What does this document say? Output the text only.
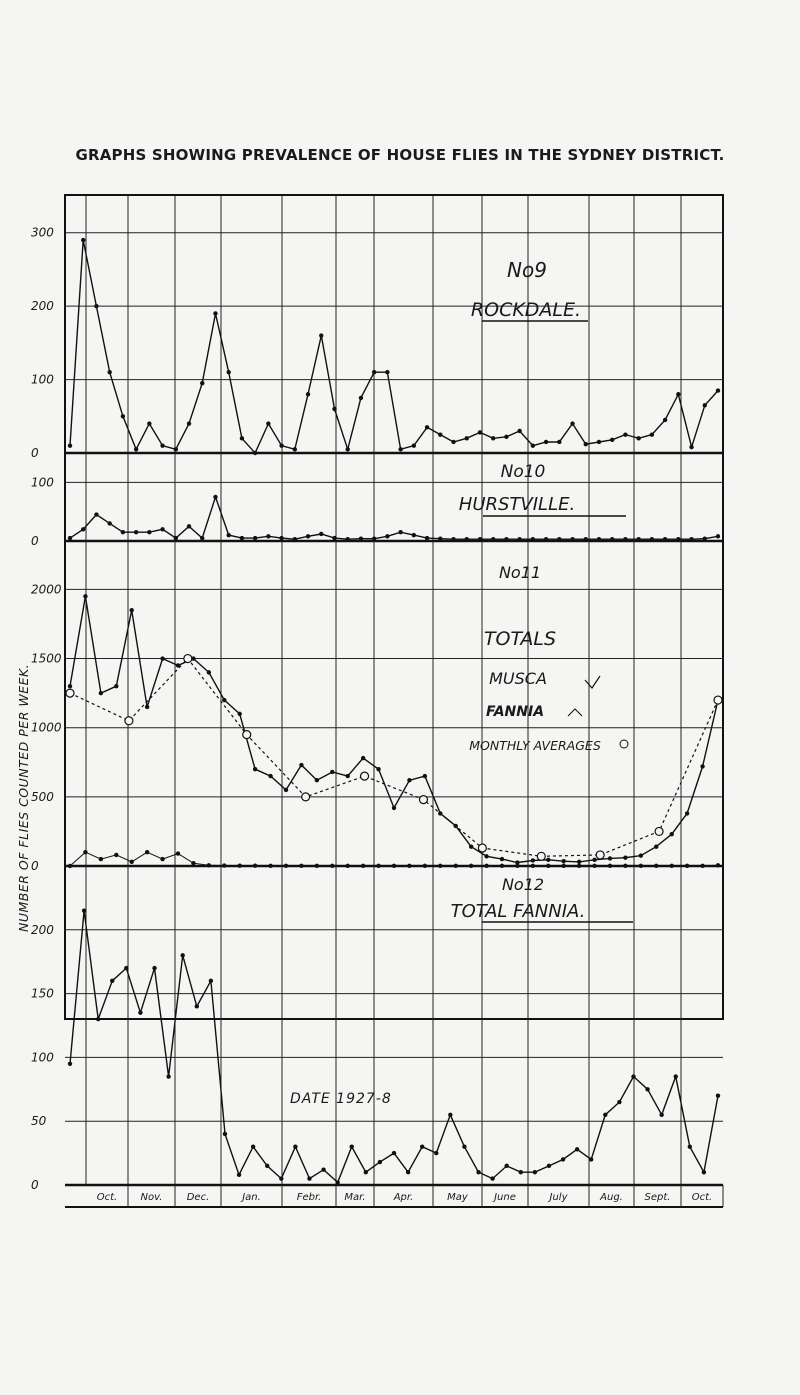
GRAPHS SHOWING PREVALENCE OF HOUSE FLIES IN THE SYDNEY DISTRICT.
NUMBER OF FLIES COUNTED PER WEEK.
300
200
100
0
No9
ROCKDALE.
100
0
No10
HURSTVILLE.
2000
1500
1000
500
0
No11
TOTALS
200
150
100
50
0
No12
TOTAL FANNIA.
MUSCA
FANNIA
MONTHLY AVERAGES
Oct. Nov. Dec.	Jan.	Febr. Mar.	Apr.	May	June	July	Aug. Sept. Oct.
DATE 1927-8
